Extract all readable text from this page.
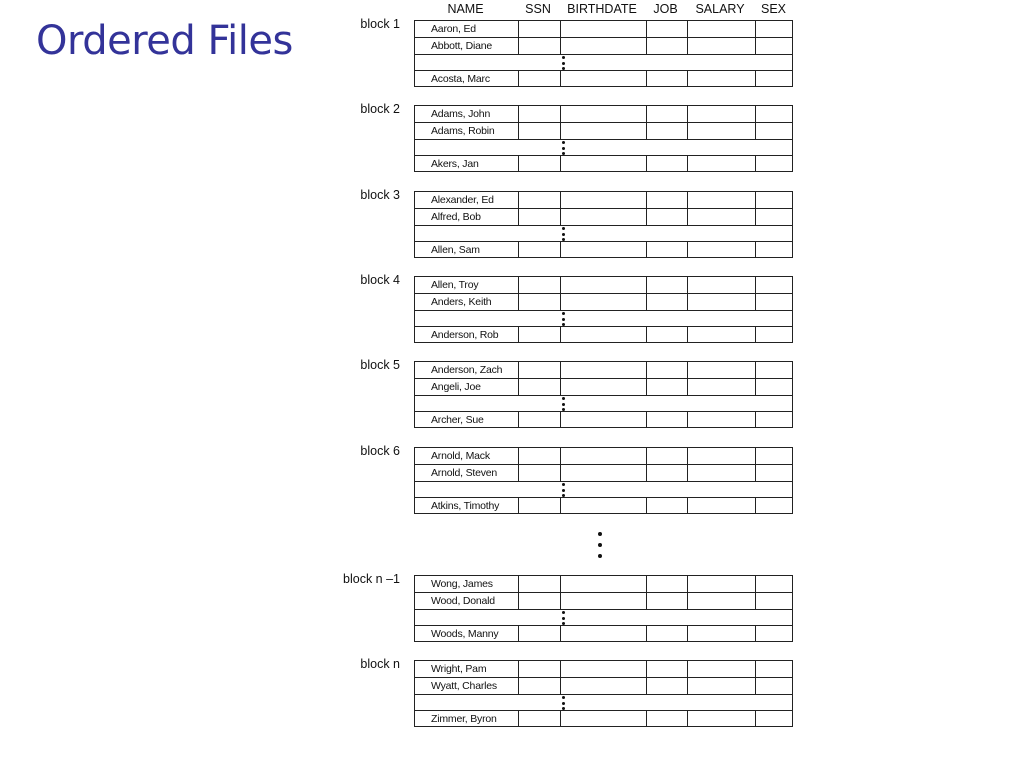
Ordered Files
NAME	SSN	BIRTHDATE	JOB	SALARY	SEX
block 1	Aaron, Ed
Abbott, Diane
Acosta, Marc
block 2	Adams, John
Adams, Robin
Akers, Jan
block 3	Alexander, Ed
Alfred, Bob
Allen, Sam
block 4	Allen, Troy
Anders, Keith
Anderson, Rob
block 5	Anderson, Zach
Angeli, Joe
Archer, Sue
block 6	Arnold, Mack
Arnold, Steven
Atkins, Timothy
block n –1	Wong, James
Wood, Donald
Woods, Manny
block n	Wright, Pam
Wyatt, Charles
Zimmer, Byron
